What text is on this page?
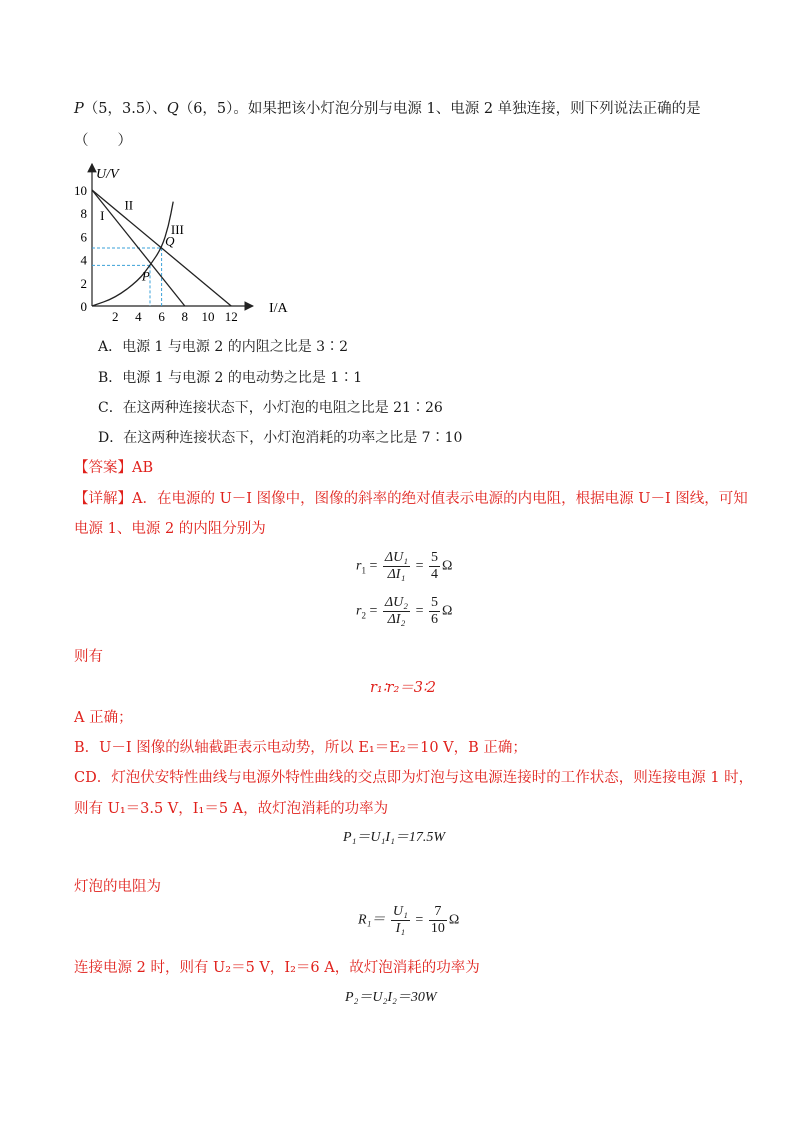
P（5，3.5）、Q（6，5）。如果把该小灯泡分别与电源 1、电源 2 单独连接，则下列说法正确的是
（　　）
2 4 6 8 10 12
0
2
4
6
8
10
I
II
III
P
Q
U/V
I/A
A．电源 1 与电源 2 的内阻之比是 3∶2
B．电源 1 与电源 2 的电动势之比是 1∶1
C．在这两种连接状态下，小灯泡的电阻之比是 21∶26
D．在这两种连接状态下，小灯泡消耗的功率之比是 7∶10
【答案】AB
【详解】A．在电源的 U－I 图像中，图像的斜率的绝对值表示电源的内电阻，根据电源 U－I 图线，可知
电源 1、电源 2 的内阻分别为
$r_1 = \frac{\text{ΔU₁}}{\text{ΔI₁}} = \frac{5}{4}$ Ω
$r_2 = \frac{\text{ΔU₂}}{\text{ΔI₂}} = \frac{5}{6}$ Ω
则有
r₁∶r₂＝3∶2
A 正确；
B．U－I 图像的纵轴截距表示电动势，所以 E₁＝E₂＝10 V，B 正确；
CD．灯泡伏安特性曲线与电源外特性曲线的交点即为灯泡与这电源连接时的工作状态，则连接电源 1 时，
则有 U₁＝3.5 V，I₁＝5 A，故灯泡消耗的功率为
P₁＝U₁I₁＝17.5W
灯泡的电阻为
$R_1= \frac{\text{U₁}}{\text{I₁}} = \frac{7}{10}$ Ω
连接电源 2 时，则有 U₂＝5 V，I₂＝6 A，故灯泡消耗的功率为
P₂＝U₂I₂＝30W
